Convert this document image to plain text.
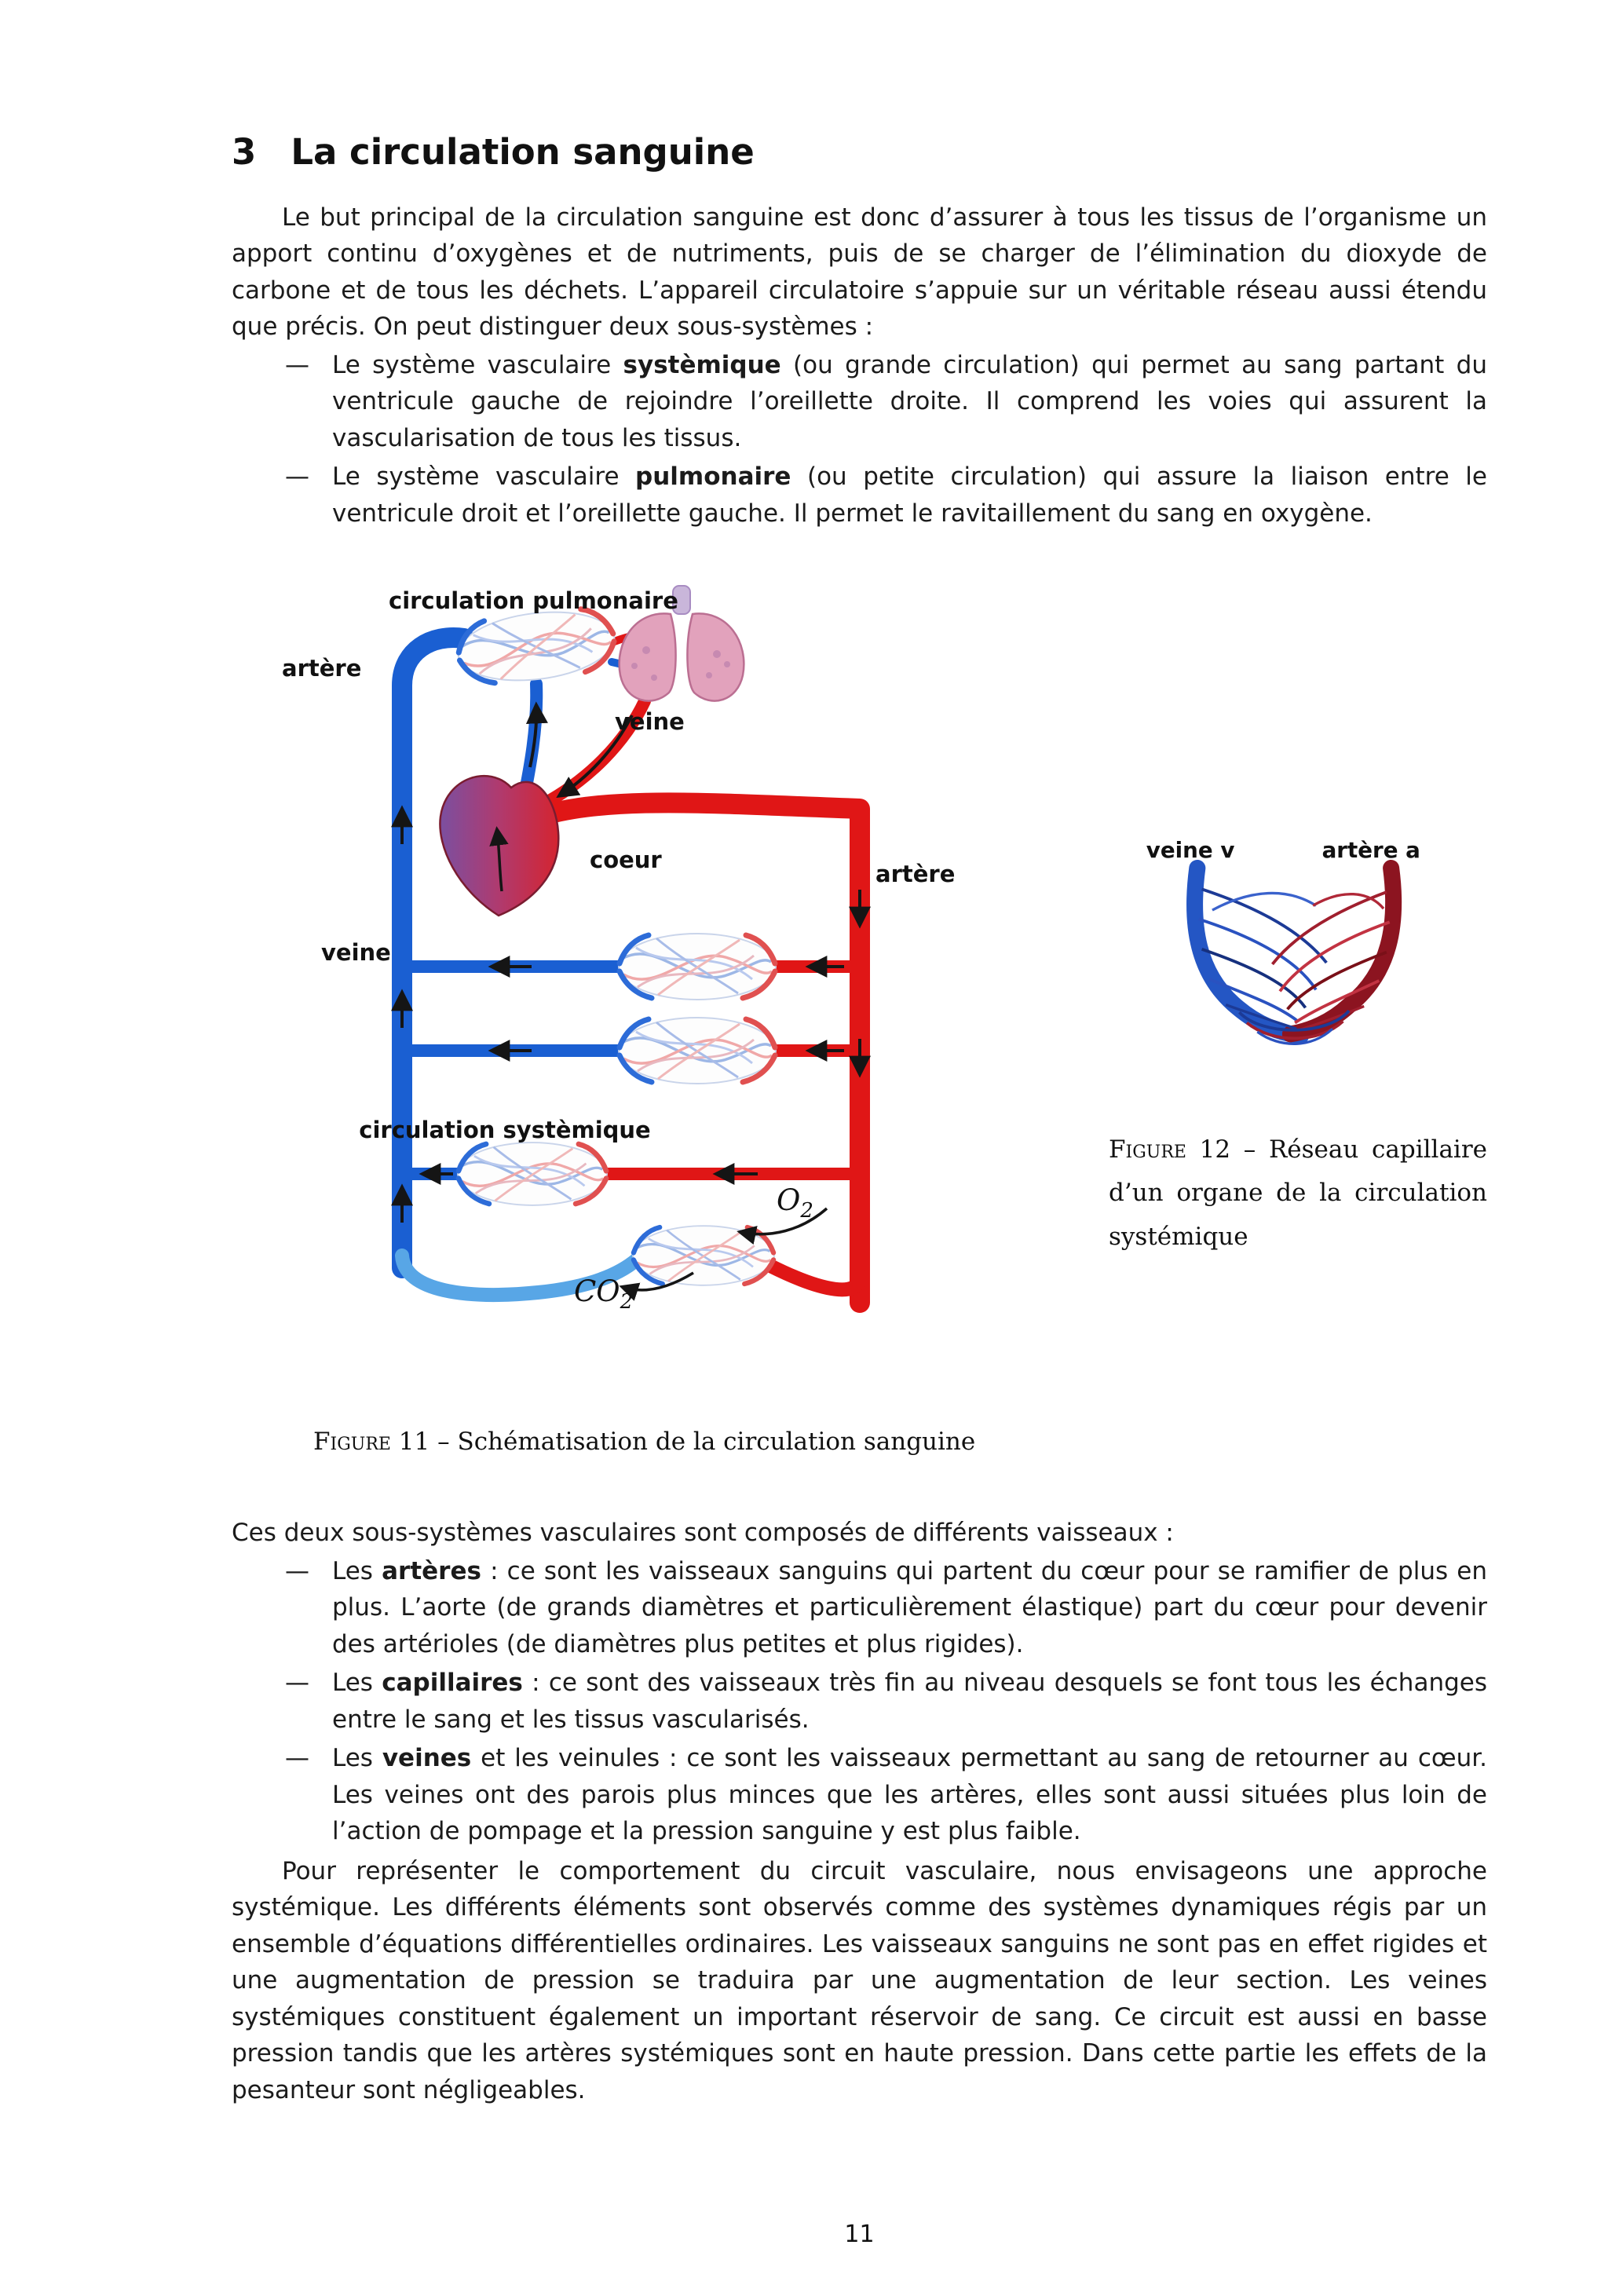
3 La circulation sanguine

Le but principal de la circulation sanguine est donc d’assurer à tous les tissus de l’organisme un apport continu d’oxygènes et de nutriments, puis de se charger de l’élimination du dioxyde de carbone et de tous les déchets. L’appareil circulatoire s’appuie sur un véritable réseau aussi étendu que précis. On peut distinguer deux sous-systèmes :

— Le système vasculaire systèmique (ou grande circulation) qui permet au sang partant du ventricule gauche de rejoindre l’oreillette droite. Il comprend les voies qui assurent la vascularisation de tous les tissus.

— Le système vasculaire pulmonaire (ou petite circulation) qui assure la liaison entre le ventricule droit et l’oreillette gauche. Il permet le ravitaillement du sang en oxygène.

circulation pulmonaire
artère
veine
coeur
artère
veine
circulation systèmique
$O_2$
$CO_2$
veine v	artère a

Figure 12 – Réseau capillaire d’un organe de la circulation systémique

Figure 11 – Schématisation de la circulation sanguine

Ces deux sous-systèmes vasculaires sont composés de différents vaisseaux :

— Les artères : ce sont les vaisseaux sanguins qui partent du cœur pour se ramifier de plus en plus. L’aorte (de grands diamètres et particulièrement élastique) part du cœur pour devenir des artérioles (de diamètres plus petites et plus rigides).

— Les capillaires : ce sont des vaisseaux très fin au niveau desquels se font tous les échanges entre le sang et les tissus vascularisés.

— Les veines et les veinules : ce sont les vaisseaux permettant au sang de retourner au cœur. Les veines ont des parois plus minces que les artères, elles sont aussi situées plus loin de l’action de pompage et la pression sanguine y est plus faible.

Pour représenter le comportement du circuit vasculaire, nous envisageons une approche systémique. Les différents éléments sont observés comme des systèmes dynamiques régis par un ensemble d’équations différentielles ordinaires. Les vaisseaux sanguins ne sont pas en effet rigides et une augmentation de pression se traduira par une augmentation de leur section. Les veines systémiques constituent également un important réservoir de sang. Ce circuit est aussi en basse pression tandis que les artères systémiques sont en haute pression. Dans cette partie les effets de la pesanteur sont négligeables.

11
